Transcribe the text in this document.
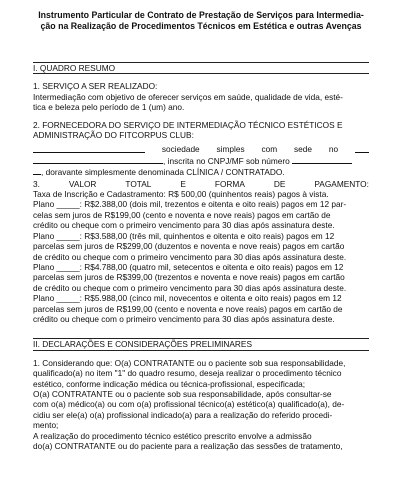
Instrumento Particular de Contrato de Prestação de Serviços para Intermedia-
ção na Realização de Procedimentos Técnicos em Estética e outras Avenças
I. QUADRO RESUMO
1. SERVIÇO A SER REALIZADO:
Intermediação com objetivo de oferecer serviços em saúde, qualidade de vida, esté-
tica e beleza pelo período de 1 (um) ano.
2. FORNECEDORA DO SERVIÇO DE INTERMEDIAÇÃO TÉCNICO ESTÉTICOS E
ADMINISTRAÇÃO DO FITCORPUS CLUB:
sociedade simples com sede no
, inscrita no CNPJ/MF sob número
, doravante simplesmente denominada CLÍNICA / CONTRATADO.
3.	VALOR	TOTAL	E	FORMA	DE	PAGAMENTO:
Taxa de Inscrição e Cadastramento: R$ 500,00 (quinhentos reais) pagos à vista.
Plano _____: R$2.388,00 (dois mil, trezentos e oitenta e oito reais) pagos em 12 par-
celas sem juros de R$199,00 (cento e noventa e nove reais) pagos em cartão de
crédito ou cheque com o primeiro vencimento para 30 dias após assinatura deste.
Plano _____: R$3.588,00 (três mil, quinhentos e oitenta e oito reais) pagos em 12
parcelas sem juros de R$299,00 (duzentos e noventa e nove reais) pagos em cartão
de crédito ou cheque com o primeiro vencimento para 30 dias após assinatura deste.
Plano _____: R$4.788,00 (quatro mil, setecentos e oitenta e oito reais) pagos em 12
parcelas sem juros de R$399,00 (trezentos e noventa e nove reais) pagos em cartão
de crédito ou cheque com o primeiro vencimento para 30 dias após assinatura deste.
Plano _____: R$5.988,00 (cinco mil, novecentos e oitenta e oito reais) pagos em 12
parcelas sem juros de R$199,00 (cento e noventa e nove reais) pagos em cartão de
crédito ou cheque com o primeiro vencimento para 30 dias após assinatura deste.
II. DECLARAÇÕES E CONSIDERAÇÕES PRELIMINARES
1. Considerando que: O(a) CONTRATANTE ou o paciente sob sua responsabilidade,
qualificado(a) no item "1" do quadro resumo, deseja realizar o procedimento técnico
estético, conforme indicação médica ou técnica-profissional, especificada;
O(a) CONTRATANTE ou o paciente sob sua responsabilidade, após consultar-se
com o(a) médico(a) ou com o(a) profissional técnico(a) estético(a) qualificado(a), de-
cidiu ser ele(a) o(a) profissional indicado(a) para a realização do referido procedi-
mento;
A realização do procedimento técnico estético prescrito envolve a admissão
do(a) CONTRATANTE ou do paciente para a realização das sessões de tratamento,
